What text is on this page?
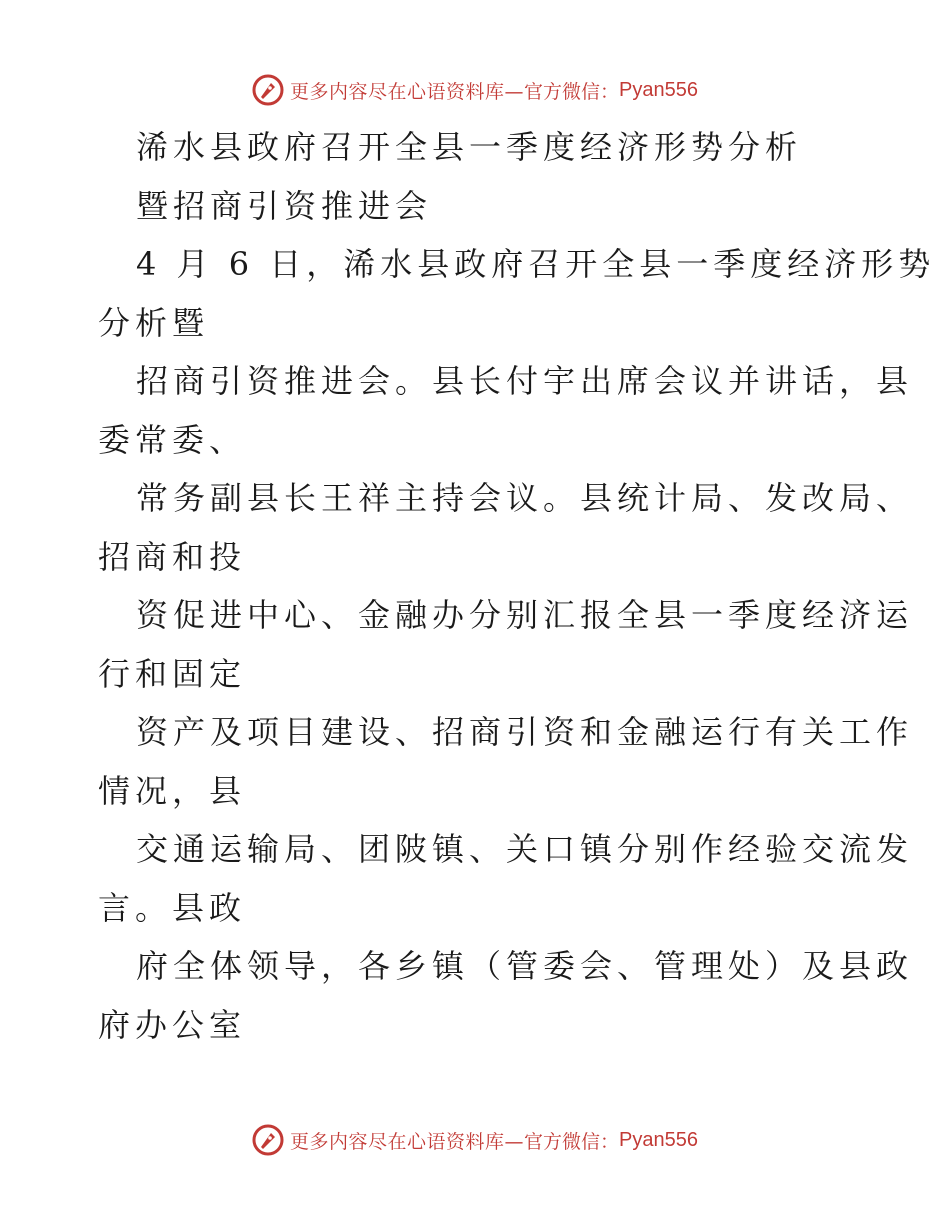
更多内容尽在心语资料库— 官方微信： Pyan556
浠水县政府召开全县一季度经济形势分析
暨招商引资推进会
4 月 6 日，浠水县政府召开全县一季度经济形势
分析暨
招商引资推进会。县长付宇出席会议并讲话，县
委常委、
常务副县长王祥主持会议。县统计局、发改局、
招商和投
资促进中心、金融办分别汇报全县一季度经济运
行和固定
资产及项目建设、招商引资和金融运行有关工作
情况，县
交通运输局、团陂镇、关口镇分别作经验交流发
言。县政
府全体领导，各乡镇（管委会、管理处）及县政
府办公室
更多内容尽在心语资料库— 官方微信： Pyan556
